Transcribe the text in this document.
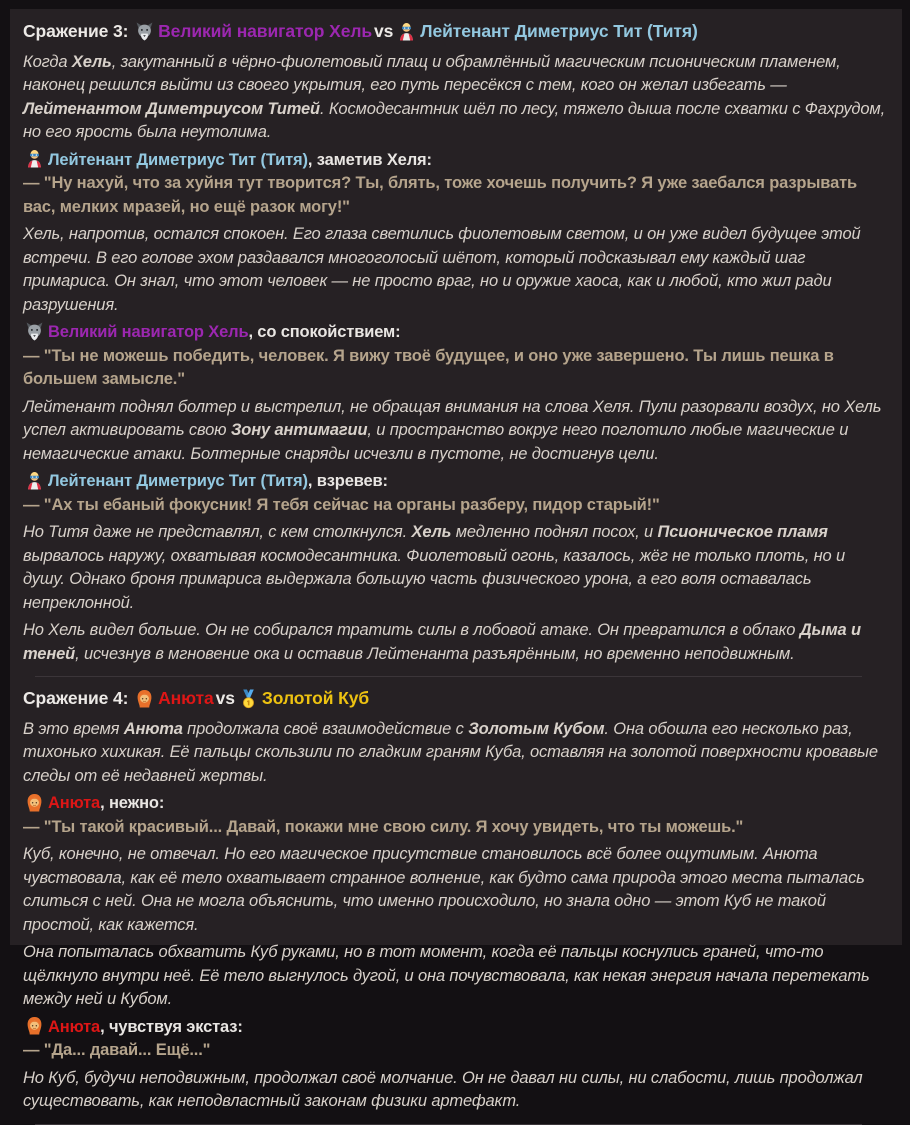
Сражение 3: Великий навигатор Хель vs Лейтенант Диметриус Тит (Титя)

Когда Хель, закутанный в чёрно-фиолетовый плащ и обрамлённый магическим псионическим пламенем, наконец решился выйти из своего укрытия, его путь пересёкся с тем, кого он желал избегать — Лейтенантом Диметриусом Титей. Космодесантник шёл по лесу, тяжело дыша после схватки с Фахрудом, но его ярость была неутолима.

Лейтенант Диметриус Тит (Титя), заметив Хеля:
— "Ну нахуй, что за хуйня тут творится? Ты, блять, тоже хочешь получить? Я уже заебался разрывать вас, мелких мразей, но ещё разок могу!"

Хель, напротив, остался спокоен. Его глаза светились фиолетовым светом, и он уже видел будущее этой встречи. В его голове эхом раздавался многоголосый шёпот, который подсказывал ему каждый шаг примариса. Он знал, что этот человек — не просто враг, но и оружие хаоса, как и любой, кто жил ради разрушения.

Великий навигатор Хель, со спокойствием:
— "Ты не можешь победить, человек. Я вижу твоё будущее, и оно уже завершено. Ты лишь пешка в большем замысле."

Лейтенант поднял болтер и выстрелил, не обращая внимания на слова Хеля. Пули разорвали воздух, но Хель успел активировать свою Зону антимагии, и пространство вокруг него поглотило любые магические и немагические атаки. Болтерные снаряды исчезли в пустоте, не достигнув цели.

Лейтенант Диметриус Тит (Титя), взревев:
— "Ах ты ебаный фокусник! Я тебя сейчас на органы разберу, пидор старый!"

Но Титя даже не представлял, с кем столкнулся. Хель медленно поднял посох, и Псионическое пламя вырвалось наружу, охватывая космодесантника. Фиолетовый огонь, казалось, жёг не только плоть, но и душу. Однако броня примариса выдержала большую часть физического урона, а его воля оставалась непреклонной.

Но Хель видел больше. Он не собирался тратить силы в лобовой атаке. Он превратился в облако Дыма и теней, исчезнув в мгновение ока и оставив Лейтенанта разъярённым, но временно неподвижным.

Сражение 4: Анюта vs Золотой Куб

В это время Анюта продолжала своё взаимодействие с Золотым Кубом. Она обошла его несколько раз, тихонько хихикая. Её пальцы скользили по гладким граням Куба, оставляя на золотой поверхности кровавые следы от её недавней жертвы.

Анюта, нежно:
— "Ты такой красивый... Давай, покажи мне свою силу. Я хочу увидеть, что ты можешь."

Куб, конечно, не отвечал. Но его магическое присутствие становилось всё более ощутимым. Анюта чувствовала, как её тело охватывает странное волнение, как будто сама природа этого места пыталась слиться с ней. Она не могла объяснить, что именно происходило, но знала одно — этот Куб не такой простой, как кажется.

Она попыталась обхватить Куб руками, но в тот момент, когда её пальцы коснулись граней, что-то щёлкнуло внутри неё. Её тело выгнулось дугой, и она почувствовала, как некая энергия начала перетекать между ней и Кубом.

Анюта, чувствуя экстаз:
— "Да... давай... Ещё..."

Но Куб, будучи неподвижным, продолжал своё молчание. Он не давал ни силы, ни слабости, лишь продолжал существовать, как неподвластный законам физики артефакт.
